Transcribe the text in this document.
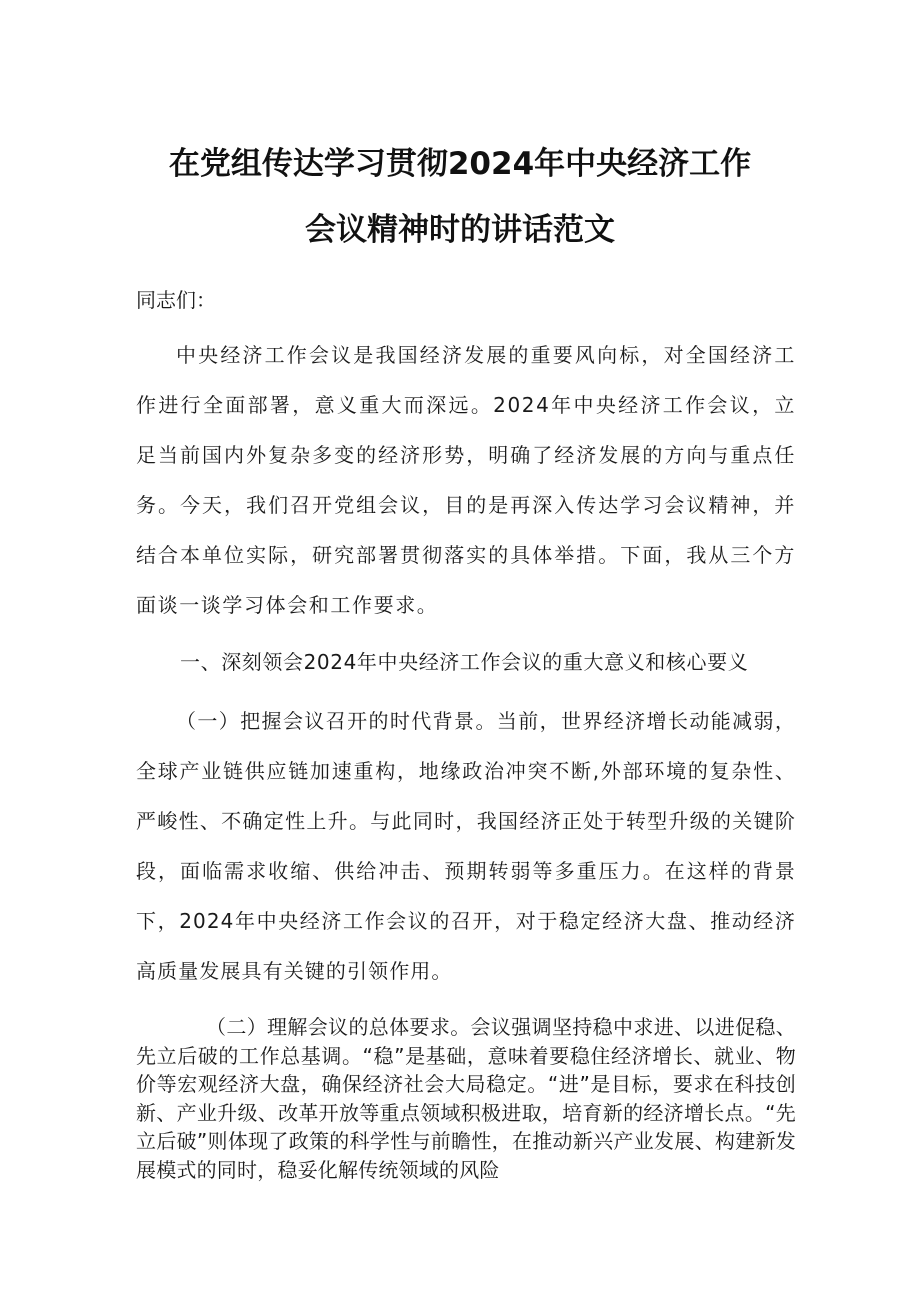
在党组传达学习贯彻2024年中央经济工作
会议精神时的讲话范文
同志们：
中央经济工作会议是我国经济发展的重要风向标，对全国经济工作进行全面部署，意义重大而深远。2024年中央经济工作会议，立足当前国内外复杂多变的经济形势，明确了经济发展的方向与重点任务。今天，我们召开党组会议，目的是再深入传达学习会议精神，并结合本单位实际，研究部署贯彻落实的具体举措。下面，我从三个方面谈一谈学习体会和工作要求。
一、深刻领会2024年中央经济工作会议的重大意义和核心要义
（一）把握会议召开的时代背景。当前，世界经济增长动能减弱，全球产业链供应链加速重构，地缘政治冲突不断,外部环境的复杂性、严峻性、不确定性上升。与此同时，我国经济正处于转型升级的关键阶段，面临需求收缩、供给冲击、预期转弱等多重压力。在这样的背景下，2024年中央经济工作会议的召开，对于稳定经济大盘、推动经济高质量发展具有关键的引领作用。
（二）理解会议的总体要求。会议强调坚持稳中求进、以进促稳、先立后破的工作总基调。“稳”是基础，意味着要稳住经济增长、就业、物价等宏观经济大盘，确保经济社会大局稳定。“进”是目标，要求在科技创新、产业升级、改革开放等重点领域积极进取，培育新的经济增长点。“先立后破”则体现了政策的科学性与前瞻性，在推动新兴产业发展、构建新发展模式的同时，稳妥化解传统领域的风险
